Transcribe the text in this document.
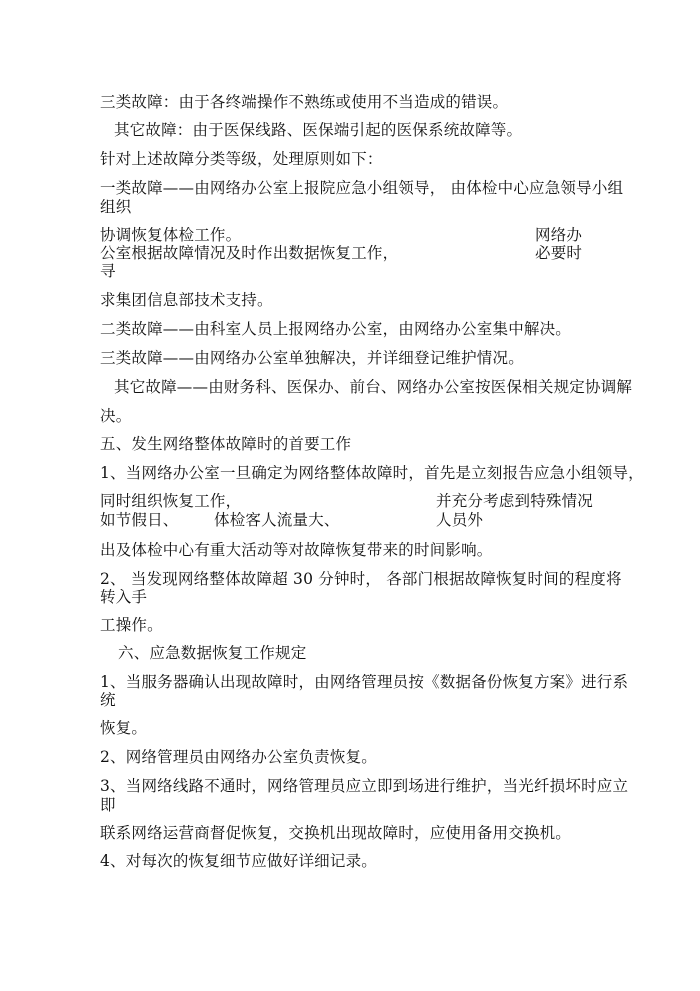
三类故障：由于各终端操作不熟练或使用不当造成的错误。
其它故障：由于医保线路、医保端引起的医保系统故障等。
针对上述故障分类等级，处理原则如下：
一类故障——由网络办公室上报院应急小组领导， 由体检中心应急领导小组
组织
协调恢复体检工作。	网络办
公室根据故障情况及时作出数据恢复工作，	必要时
寻
求集团信息部技术支持。
二类故障——由科室人员上报网络办公室，由网络办公室集中解决。
三类故障——由网络办公室单独解决，并详细登记维护情况。
其它故障——由财务科、医保办、前台、网络办公室按医保相关规定协调解
决。
五、发生网络整体故障时的首要工作
1、当网络办公室一旦确定为网络整体故障时，首先是立刻报告应急小组领导，
同时组织恢复工作，	并充分考虑到特殊情况
如节假日、 体检客人流量大、	人员外
出及体检中心有重大活动等对故障恢复带来的时间影响。
2、 当发现网络整体故障超 30 分钟时， 各部门根据故障恢复时间的程度将
转入手
工操作。
六、应急数据恢复工作规定
1、当服务器确认出现故障时，由网络管理员按《数据备份恢复方案》进行系
统
恢复。
2、网络管理员由网络办公室负责恢复。
3、当网络线路不通时，网络管理员应立即到场进行维护，当光纤损坏时应立
即
联系网络运营商督促恢复，交换机出现故障时，应使用备用交换机。
4、对每次的恢复细节应做好详细记录。
